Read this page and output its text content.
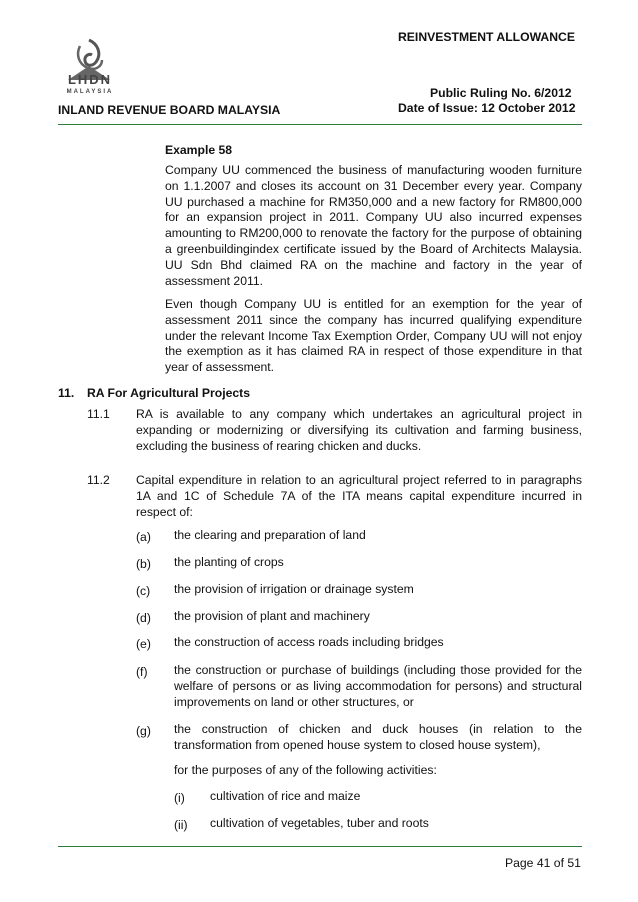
REINVESTMENT ALLOWANCE
LHDN
MALAYSIA	Public Ruling No. 6/2012
INLAND REVENUE BOARD MALAYSIA	Date of Issue: 12 October 2012
Example 58
Company UU commenced the business of manufacturing wooden furniture on 1.1.2007 and closes its account on 31 December every year. Company UU purchased a machine for RM350,000 and a new factory for RM800,000 for an expansion project in 2011. Company UU also incurred expenses amounting to RM200,000 to renovate the factory for the purpose of obtaining a greenbuildingindex certificate issued by the Board of Architects Malaysia. UU Sdn Bhd claimed RA on the machine and factory in the year of assessment 2011.
Even though Company UU is entitled for an exemption for the year of assessment 2011 since the company has incurred qualifying expenditure under the relevant Income Tax Exemption Order, Company UU will not enjoy the exemption as it has claimed RA in respect of those expenditure in that year of assessment.
11. RA For Agricultural Projects
11.1 RA is available to any company which undertakes an agricultural project in expanding or modernizing or diversifying its cultivation and farming business, excluding the business of rearing chicken and ducks.
11.2 Capital expenditure in relation to an agricultural project referred to in paragraphs 1A and 1C of Schedule 7A of the ITA means capital expenditure incurred in respect of:
(a) the clearing and preparation of land
(b) the planting of crops
(c) the provision of irrigation or drainage system
(d) the provision of plant and machinery
(e) the construction of access roads including bridges
(f) the construction or purchase of buildings (including those provided for the welfare of persons or as living accommodation for persons) and structural improvements on land or other structures, or
(g) the construction of chicken and duck houses (in relation to the transformation from opened house system to closed house system),
for the purposes of any of the following activities:
(i) cultivation of rice and maize
(ii) cultivation of vegetables, tuber and roots
Page 41 of 51
